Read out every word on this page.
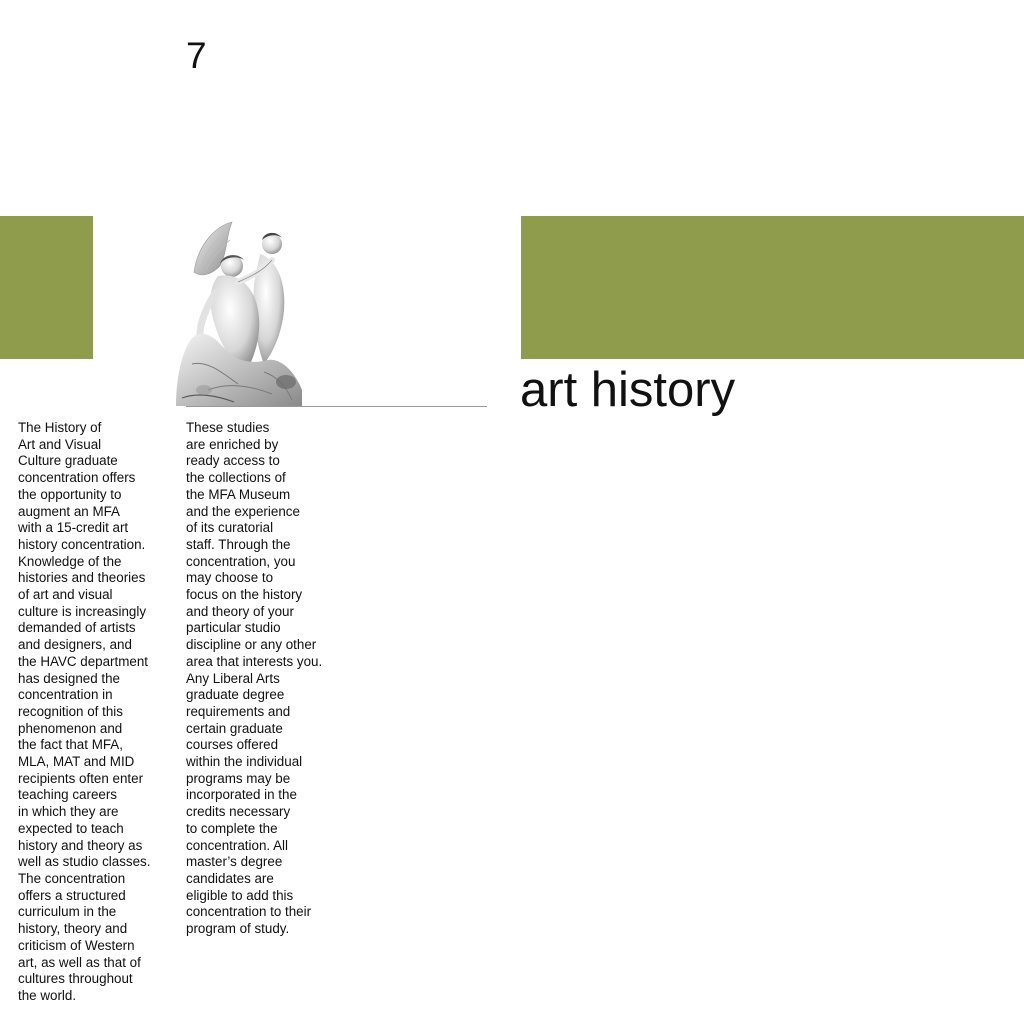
7
art history
The History of
Art and Visual
Culture graduate
concentration offers
the opportunity to
augment an MFA
with a 15-credit art
history concentration.
Knowledge of the
histories and theories
of art and visual
culture is increasingly
demanded of artists
and designers, and
the HAVC department
has designed the
concentration in
recognition of this
phenomenon and
the fact that MFA,
MLA, MAT and MID
recipients often enter
teaching careers
in which they are
expected to teach
history and theory as
well as studio classes.
The concentration
offers a structured
curriculum in the
history, theory and
criticism of Western
art, as well as that of
cultures throughout
the world.
These studies
are enriched by
ready access to
the collections of
the MFA Museum
and the experience
of its curatorial
staff. Through the
concentration, you
may choose to
focus on the history
and theory of your
particular studio
discipline or any other
area that interests you.
Any Liberal Arts
graduate degree
requirements and
certain graduate
courses offered
within the individual
programs may be
incorporated in the
credits necessary
to complete the
concentration. All
master’s degree
candidates are
eligible to add this
concentration to their
program of study.
